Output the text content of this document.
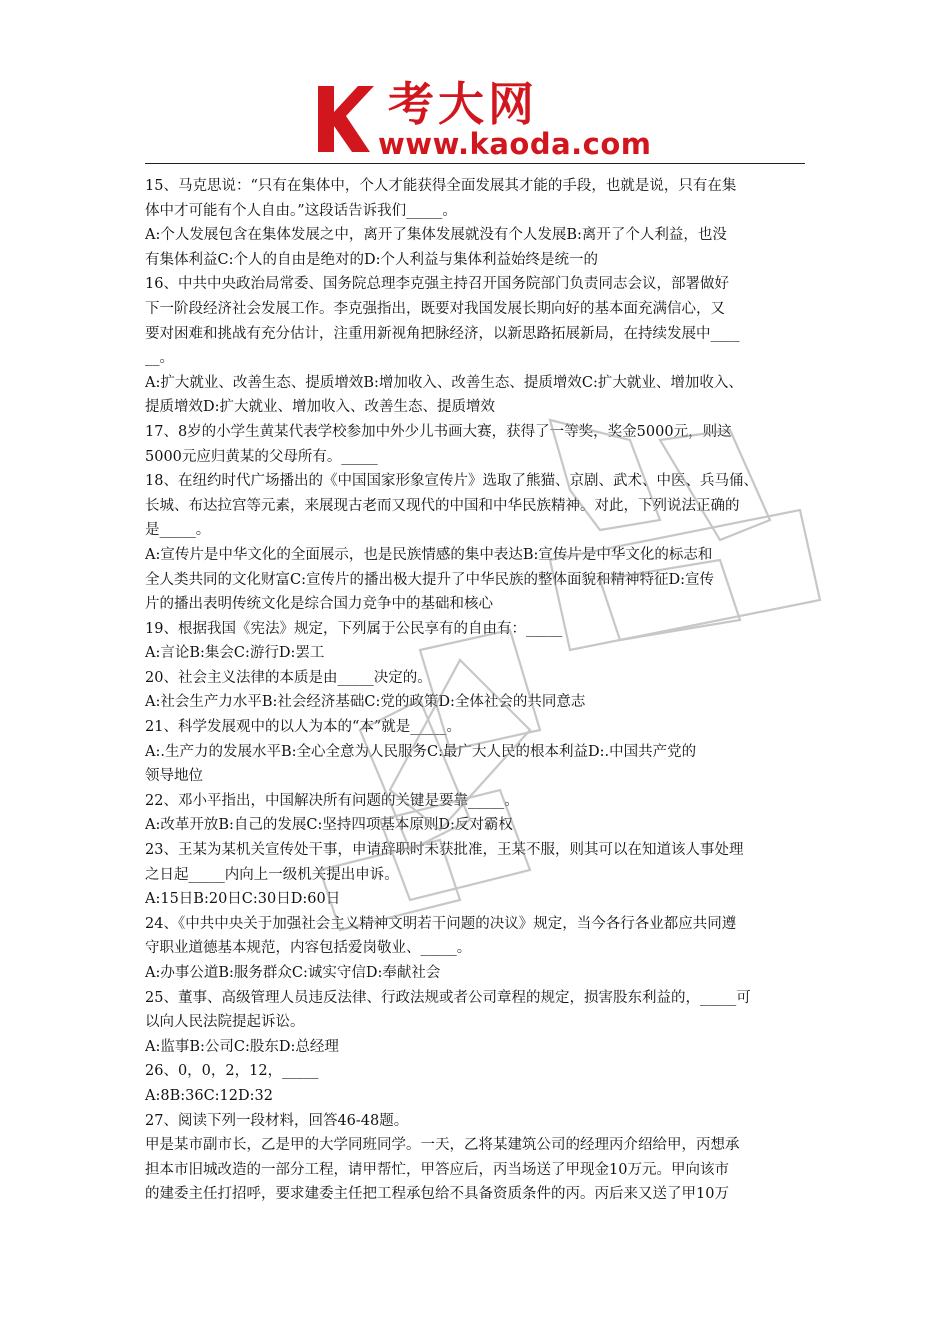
考大网
www.kaoda.com
15、马克思说：“只有在集体中，个人才能获得全面发展其才能的手段，也就是说，只有在集
体中才可能有个人自由。”这段话告诉我们_____。
A:个人发展包含在集体发展之中，离开了集体发展就没有个人发展B:离开了个人利益，也没
有集体利益C:个人的自由是绝对的D:个人利益与集体利益始终是统一的
16、中共中央政治局常委、国务院总理李克强主持召开国务院部门负责同志会议，部署做好
下一阶段经济社会发展工作。李克强指出，既要对我国发展长期向好的基本面充满信心，又
要对困难和挑战有充分估计，注重用新视角把脉经济，以新思路拓展新局，在持续发展中____
__。
A:扩大就业、改善生态、提质增效B:增加收入、改善生态、提质增效C:扩大就业、增加收入、
提质增效D:扩大就业、增加收入、改善生态、提质增效
17、8岁的小学生黄某代表学校参加中外少儿书画大赛，获得了一等奖，奖金5000元，则这
5000元应归黄某的父母所有。_____
18、在纽约时代广场播出的《中国国家形象宣传片》选取了熊猫、京剧、武术、中医、兵马俑、
长城、布达拉宫等元素，来展现古老而又现代的中国和中华民族精神。对此，下列说法正确的
是_____。
A:宣传片是中华文化的全面展示，也是民族情感的集中表达B:宣传片是中华文化的标志和
全人类共同的文化财富C:宣传片的播出极大提升了中华民族的整体面貌和精神特征D:宣传
片的播出表明传统文化是综合国力竞争中的基础和核心
19、根据我国《宪法》规定，下列属于公民享有的自由有：_____
A:言论B:集会C:游行D:罢工
20、社会主义法律的本质是由_____决定的。
A:社会生产力水平B:社会经济基础C:党的政策D:全体社会的共同意志
21、科学发展观中的以人为本的“本”就是_____。
A:.生产力的发展水平B:全心全意为人民服务C:最广大人民的根本利益D:.中国共产党的
领导地位
22、邓小平指出，中国解决所有问题的关键是要靠_____。
A:改革开放B:自己的发展C:坚持四项基本原则D:反对霸权
23、王某为某机关宣传处干事，申请辞职时未获批准，王某不服，则其可以在知道该人事处理
之日起_____内向上一级机关提出申诉。
A:15日B:20日C:30日D:60日
24、《中共中央关于加强社会主义精神文明若干问题的决议》规定，当今各行各业都应共同遵
守职业道德基本规范，内容包括爱岗敬业、_____。
A:办事公道B:服务群众C:诚实守信D:奉献社会
25、董事、高级管理人员违反法律、行政法规或者公司章程的规定，损害股东利益的，_____可
以向人民法院提起诉讼。
A:监事B:公司C:股东D:总经理
26、0，0，2，12，_____
A:8B:36C:12D:32
27、阅读下列一段材料，回答46-48题。
甲是某市副市长，乙是甲的大学同班同学。一天，乙将某建筑公司的经理丙介绍给甲，丙想承
担本市旧城改造的一部分工程，请甲帮忙，甲答应后，丙当场送了甲现金10万元。甲向该市
的建委主任打招呼，要求建委主任把工程承包给不具备资质条件的丙。丙后来又送了甲10万
